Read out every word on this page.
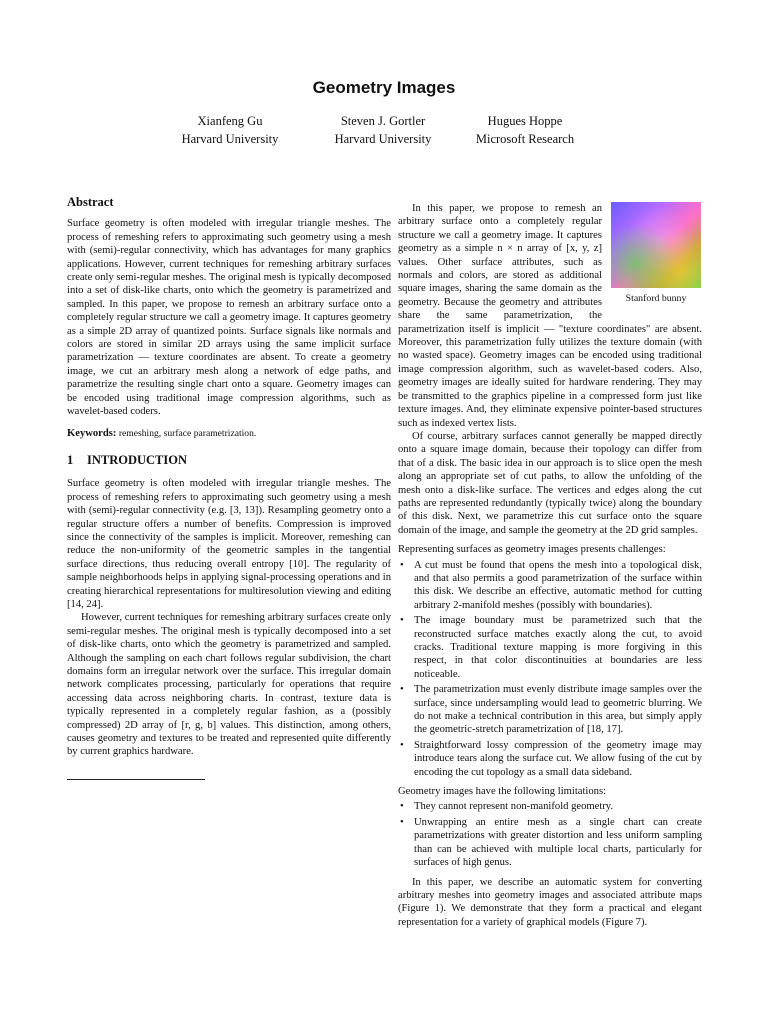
Geometry Images
Xianfeng Gu
Harvard University
Steven J. Gortler
Harvard University
Hugues Hoppe
Microsoft Research
Abstract

Surface geometry is often modeled with irregular triangle meshes. The process of remeshing refers to approximating such geometry using a mesh with (semi)-regular connectivity, which has advantages for many graphics applications. However, current techniques for remeshing arbitrary surfaces create only semi-regular meshes. The original mesh is typically decomposed into a set of disk-like charts, onto which the geometry is parametrized and sampled. In this paper, we propose to remesh an arbitrary surface onto a completely regular structure we call a geometry image. It captures geometry as a simple 2D array of quantized points. Surface signals like normals and colors are stored in similar 2D arrays using the same implicit surface parametrization — texture coordinates are absent. To create a geometry image, we cut an arbitrary mesh along a network of edge paths, and parametrize the resulting single chart onto a square. Geometry images can be encoded using traditional image compression algorithms, such as wavelet-based coders.

Keywords: remeshing, surface parametrization.

1 INTRODUCTION

Surface geometry is often modeled with irregular triangle meshes. The process of remeshing refers to approximating such geometry using a mesh with (semi)-regular connectivity (e.g. [3, 13]). Resampling geometry onto a regular structure offers a number of benefits. Compression is improved since the connectivity of the samples is implicit. Moreover, remeshing can reduce the non-uniformity of the geometric samples in the tangential surface directions, thus reducing overall entropy [10]. The regularity of sample neighborhoods helps in applying signal-processing operations and in creating hierarchical representations for multiresolution viewing and editing [14, 24].

However, current techniques for remeshing arbitrary surfaces create only semi-regular meshes. The original mesh is typically decomposed into a set of disk-like charts, onto which the geometry is parametrized and sampled. Although the sampling on each chart follows regular subdivision, the chart domains form an irregular network over the surface. This irregular domain network complicates processing, particularly for operations that require accessing data across neighboring charts. In contrast, texture data is typically represented in a completely regular fashion, as a (possibly compressed) 2D array of [r, g, b] values. This distinction, among others, causes geometry and textures to be treated and represented quite differently by current graphics hardware.

Stanford bunny

In this paper, we propose to remesh an arbitrary surface onto a completely regular structure we call a geometry image. It captures geometry as a simple n × n array of [x, y, z] values. Other surface attributes, such as normals and colors, are stored as additional square images, sharing the same domain as the geometry. Because the geometry and attributes share the same parametrization, the parametrization itself is implicit — "texture coordinates" are absent. Moreover, this parametrization fully utilizes the texture domain (with no wasted space). Geometry images can be encoded using traditional image compression algorithm, such as wavelet-based coders. Also, geometry images are ideally suited for hardware rendering. They may be transmitted to the graphics pipeline in a compressed form just like texture images. And, they eliminate expensive pointer-based structures such as indexed vertex lists.

Of course, arbitrary surfaces cannot generally be mapped directly onto a square image domain, because their topology can differ from that of a disk. The basic idea in our approach is to slice open the mesh along an appropriate set of cut paths, to allow the unfolding of the mesh onto a disk-like surface. The vertices and edges along the cut paths are represented redundantly (typically twice) along the boundary of this disk. Next, we parametrize this cut surface onto the square domain of the image, and sample the geometry at the 2D grid samples.

Representing surfaces as geometry images presents challenges:

• A cut must be found that opens the mesh into a topological disk, and that also permits a good parametrization of the surface within this disk. We describe an effective, automatic method for cutting arbitrary 2-manifold meshes (possibly with boundaries).
• The image boundary must be parametrized such that the reconstructed surface matches exactly along the cut, to avoid cracks. Traditional texture mapping is more forgiving in this respect, in that color discontinuities at boundaries are less noticeable.
• The parametrization must evenly distribute image samples over the surface, since undersampling would lead to geometric blurring. We do not make a technical contribution in this area, but simply apply the geometric-stretch parametrization of [18, 17].
• Straightforward lossy compression of the geometry image may introduce tears along the surface cut. We allow fusing of the cut by encoding the cut topology as a small data sideband.

Geometry images have the following limitations:

• They cannot represent non-manifold geometry.
• Unwrapping an entire mesh as a single chart can create parametrizations with greater distortion and less uniform sampling than can be achieved with multiple local charts, particularly for surfaces of high genus.

In this paper, we describe an automatic system for converting arbitrary meshes into geometry images and associated attribute maps (Figure 1). We demonstrate that they form a practical and elegant representation for a variety of graphical models (Figure 7).
